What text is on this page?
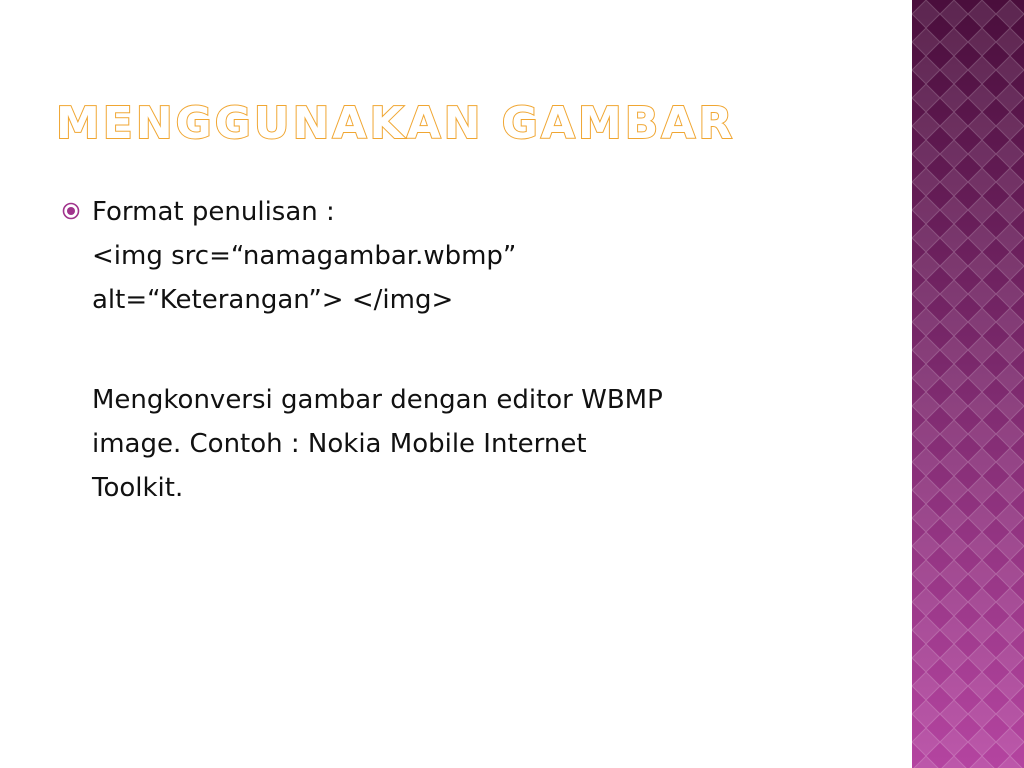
MENGGUNAKAN GAMBAR
Format penulisan :
<img src=“namagambar.wbmp”
alt=“Keterangan”> </img>
Mengkonversi gambar dengan editor WBMP
image. Contoh : Nokia Mobile Internet
Toolkit.
